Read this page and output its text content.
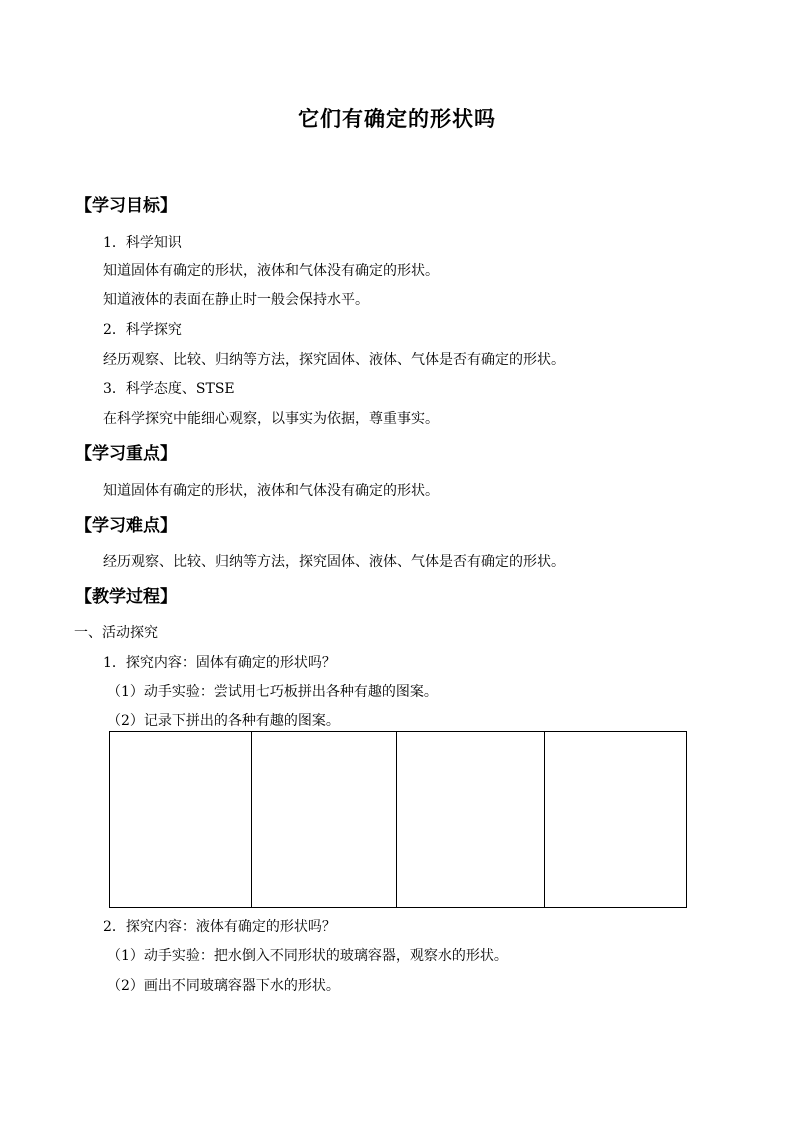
它们有确定的形状吗
【学习目标】
1．科学知识
知道固体有确定的形状，液体和气体没有确定的形状。
知道液体的表面在静止时一般会保持水平。
2．科学探究
经历观察、比较、归纳等方法，探究固体、液体、气体是否有确定的形状。
3．科学态度、STSE
在科学探究中能细心观察，以事实为依据，尊重事实。
【学习重点】
知道固体有确定的形状，液体和气体没有确定的形状。
【学习难点】
经历观察、比较、归纳等方法，探究固体、液体、气体是否有确定的形状。
【教学过程】
一、活动探究
1．探究内容：固体有确定的形状吗？
（1）动手实验：尝试用七巧板拼出各种有趣的图案。
（2）记录下拼出的各种有趣的图案。

2．探究内容：液体有确定的形状吗？
（1）动手实验：把水倒入不同形状的玻璃容器，观察水的形状。
（2）画出不同玻璃容器下水的形状。
